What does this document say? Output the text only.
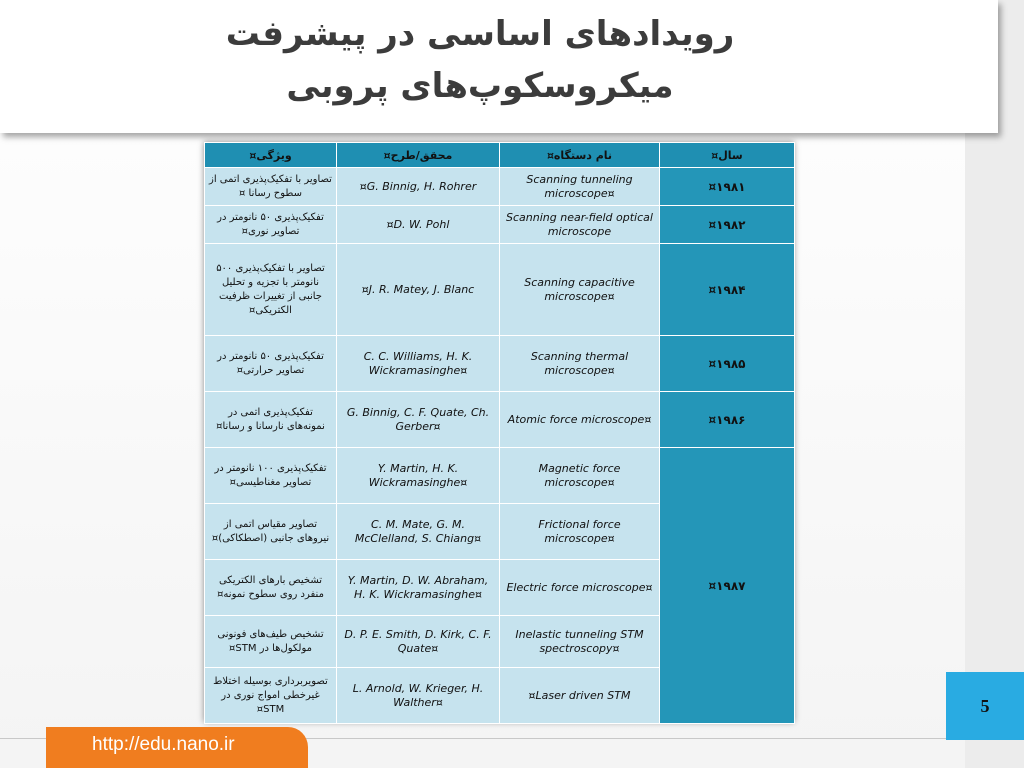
رویدادهای اساسی در پیشرفت
میکروسکوپ‌های پروبی
سال¤	نام دستگاه¤	محقق/طرح¤	ویژگی¤
¤۱۹۸۱	Scanning tunneling microscope¤	¤G. Binnig, H. Rohrer	تصاویر با تفکیک‌پذیری اتمی از سطوح رسانا ¤
¤۱۹۸۲	Scanning near-field optical microscope	¤D. W. Pohl	تفکیک‌پذیری ۵۰ نانومتر در تصاویر نوری¤
¤۱۹۸۴	Scanning capacitive microscope¤	¤J. R. Matey, J. Blanc	تصاویر با تفکیک‌پذیری ۵۰۰ نانومتر با تجزیه و تحلیل جانبی از تغییرات ظرفیت الکتریکی¤
¤۱۹۸۵	Scanning thermal microscope¤	C. C. Williams, H. K. Wickramasinghe¤	تفکیک‌پذیری ۵۰ نانومتر در تصاویر حرارتی¤
¤۱۹۸۶	Atomic force microscope¤	G. Binnig, C. F. Quate, Ch. Gerber¤	تفکیک‌پذیری اتمی در نمونه‌های نارسانا و رسانا¤
¤۱۹۸۷	Magnetic force microscope¤	Y. Martin, H. K. Wickramasinghe¤	تفکیک‌پذیری ۱۰۰ نانومتر در تصاویر مغناطیسی¤
	Frictional force microscope¤	C. M. Mate, G. M. McClelland, S. Chiang¤	تصاویر مقیاس اتمی از نیروهای جانبی (اصطکاکی)¤
	Electric force microscope¤	Y. Martin, D. W. Abraham, H. K. Wickramasinghe¤	تشخیص بارهای الکتریکی منفرد روی سطوح نمونه¤
	Inelastic tunneling STM spectroscopy¤	D. P. E. Smith, D. Kirk, C. F. Quate¤	تشخیص طیف‌های فونونی مولکول‌ها در STM¤
	¤Laser driven STM	L. Arnold, W. Krieger, H. Walther¤	تصویربرداری بوسیله اختلاط غیرخطی امواج نوری در STM¤
http://edu.nano.ir
5
